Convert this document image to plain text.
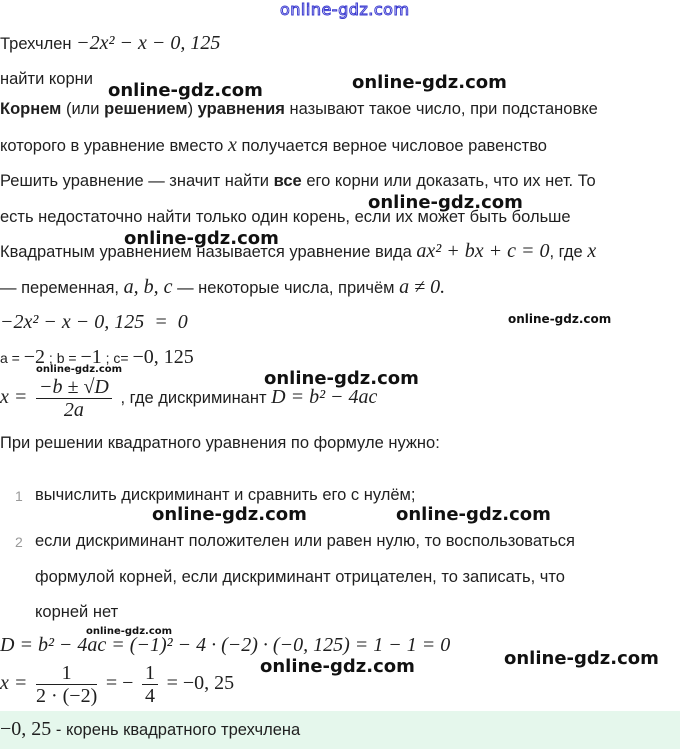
online-gdz.com
Трехчлен −2x² − x − 0, 125
найти корни
Корнем (или решением) уравнения называют такое число, при подстановке
которого в уравнение вместо x получается верное числовое равенство
Решить уравнение — значит найти все его корни или доказать, что их нет. То
есть недостаточно найти только один корень, если их может быть больше
Квадратным уравнением называется уравнение вида ax² + bx + c = 0, где x
— переменная, a, b, c — некоторые числа, причём a ≠ 0.
−2x² − x − 0, 125  =  0
a = −2 ; b = −1 ; c= −0, 125
$x = \frac{-b \pm √D}{2a}$ , где дискриминант D = b² − 4ac
При решении квадратного уравнения по формуле нужно:
1 вычислить дискриминант и сравнить его с нулём;
2 если дискриминант положителен или равен нулю, то воспользоваться
формулой корней, если дискриминант отрицателен, то записать, что
корней нет
D = b² − 4ac = (−1)² − 4 · (−2) · (−0, 125) = 1 − 1 = 0
$x = \frac{1}{2 \cdot (-2)}$ = − $\frac{1}{4} = -0$, 25
−0, 25 - корень квадратного трехчлена
online-gdz.com	online-gdz.com
online-gdz.com
online-gdz.com
online-gdz.com
online-gdz.com	online-gdz.com
online-gdz.com	online-gdz.com
online-gdz.com
online-gdz.com
online-gdz.com
